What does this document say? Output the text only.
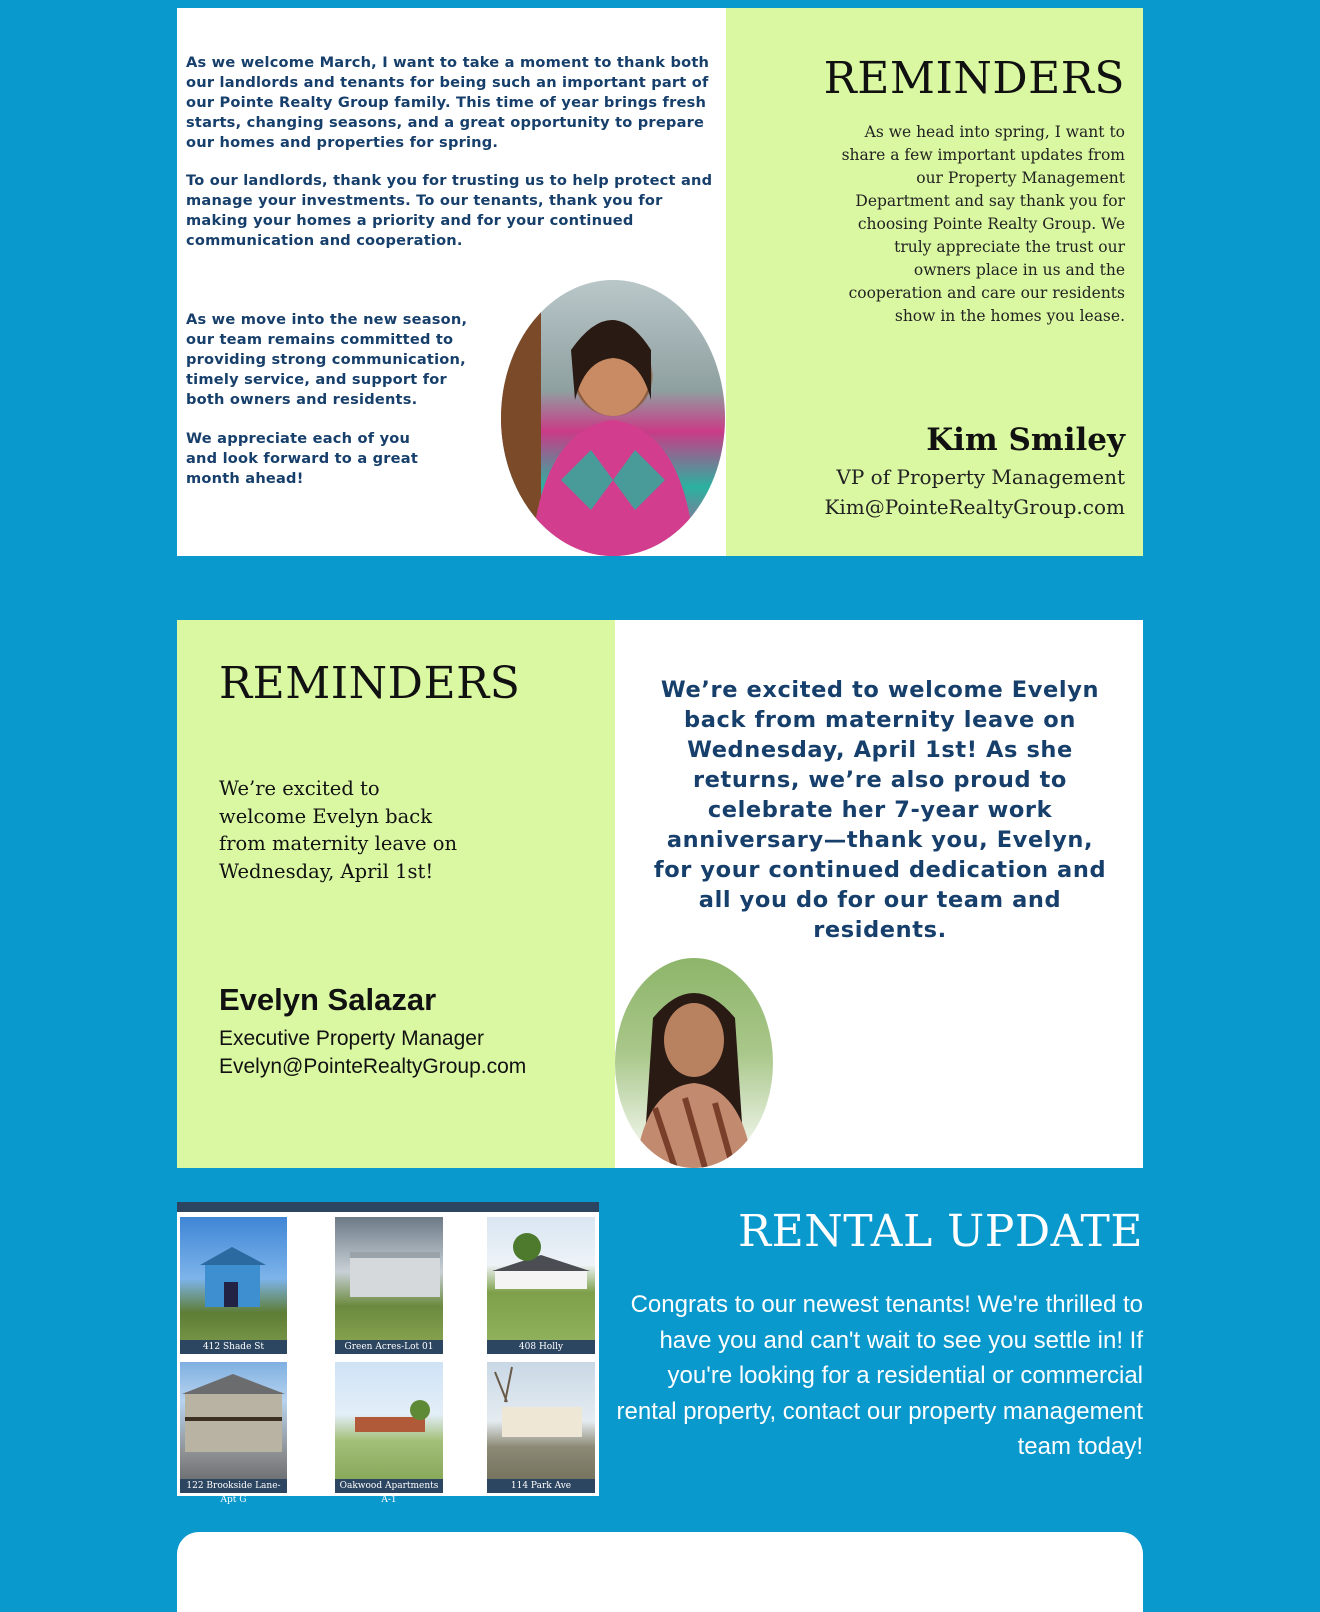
As we welcome March, I want to take a moment to thank both our landlords and tenants for being such an important part of our Pointe Realty Group family. This time of year brings fresh starts, changing seasons, and a great opportunity to prepare our homes and properties for spring.

To our landlords, thank you for trusting us to help protect and manage your investments. To our tenants, thank you for making your homes a priority and for your continued communication and cooperation.

As we move into the new season, our team remains committed to providing strong communication, timely service, and support for both owners and residents.

We appreciate each of you and look forward to a great month ahead!

REMINDERS

As we head into spring, I want to share a few important updates from our Property Management Department and say thank you for choosing Pointe Realty Group. We truly appreciate the trust our owners place in us and the cooperation and care our residents show in the homes you lease.

Kim Smiley
VP of Property Management
Kim@PointeRealtyGroup.com
REMINDERS

We’re excited to welcome Evelyn back from maternity leave on Wednesday, April 1st!

Evelyn Salazar
Executive Property Manager
Evelyn@PointeRealtyGroup.com

We’re excited to welcome Evelyn back from maternity leave on Wednesday, April 1st! As she returns, we’re also proud to celebrate her 7-year work anniversary—thank you, Evelyn, for your continued dedication and all you do for our team and residents.

412 Shade St	Green Acres-Lot 01	408 Holly
122 Brookside Lane-Apt G
Oakwood Apartments A-1
114 Park Ave
RENTAL UPDATE

Congrats to our newest tenants! We're thrilled to have you and can't wait to see you settle in! If you're looking for a residential or commercial rental property, contact our property management team today!
